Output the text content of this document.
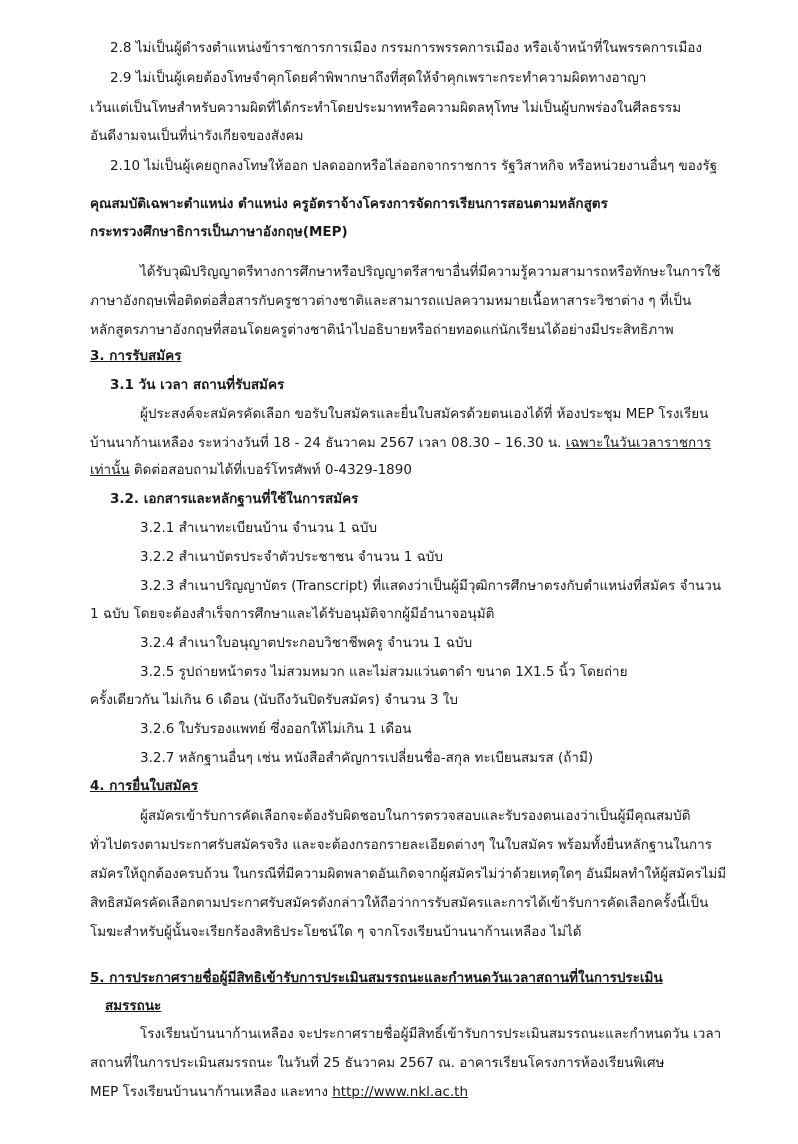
2.8 ไม่เป็นผู้ดำรงตำแหน่งข้าราชการการเมือง กรรมการพรรคการเมือง หรือเจ้าหน้าที่ในพรรคการเมือง
2.9 ไม่เป็นผู้เคยต้องโทษจำคุกโดยคำพิพากษาถึงที่สุดให้จำคุกเพราะกระทำความผิดทางอาญา
เว้นแต่เป็นโทษสำหรับความผิดที่ได้กระทำโดยประมาทหรือความผิดลหุโทษ ไม่เป็นผู้บกพร่องในศีลธรรม
อันดีงามจนเป็นที่น่ารังเกียจของสังคม
2.10 ไม่เป็นผู้เคยถูกลงโทษให้ออก ปลดออกหรือไล่ออกจากราชการ รัฐวิสาหกิจ หรือหน่วยงานอื่นๆ ของรัฐ
คุณสมบัติเฉพาะตำแหน่ง ตำแหน่ง ครูอัตราจ้างโครงการจัดการเรียนการสอนตามหลักสูตร
กระทรวงศึกษาธิการเป็นภาษาอังกฤษ(MEP)
ได้รับวุฒิปริญญาตรีทางการศึกษาหรือปริญญาตรีสาขาอื่นที่มีความรู้ความสามารถหรือทักษะในการใช้
ภาษาอังกฤษเพื่อติดต่อสื่อสารกับครูชาวต่างชาติและสามารถแปลความหมายเนื้อหาสาระวิชาต่าง ๆ ที่เป็น
หลักสูตรภาษาอังกฤษที่สอนโดยครูต่างชาตินำไปอธิบายหรือถ่ายทอดแก่นักเรียนได้อย่างมีประสิทธิภาพ
3. การรับสมัคร
3.1 วัน เวลา สถานที่รับสมัคร
ผู้ประสงค์จะสมัครคัดเลือก ขอรับใบสมัครและยื่นใบสมัครด้วยตนเองได้ที่ ห้องประชุม MEP โรงเรียน
บ้านนาก้านเหลือง ระหว่างวันที่ 18 - 24 ธันวาคม 2567 เวลา 08.30 – 16.30 น. เฉพาะในวันเวลาราชการ
เท่านั้น ติดต่อสอบถามได้ที่เบอร์โทรศัพท์ 0-4329-1890
3.2. เอกสารและหลักฐานที่ใช้ในการสมัคร
3.2.1 สำเนาทะเบียนบ้าน จำนวน 1 ฉบับ
3.2.2 สำเนาบัตรประจำตัวประชาชน จำนวน 1 ฉบับ
3.2.3 สำเนาปริญญาบัตร (Transcript) ที่แสดงว่าเป็นผู้มีวุฒิการศึกษาตรงกับตำแหน่งที่สมัคร จำนวน
1 ฉบับ โดยจะต้องสำเร็จการศึกษาและได้รับอนุมัติจากผู้มีอำนาจอนุมัติ
3.2.4 สำเนาใบอนุญาตประกอบวิชาชีพครู จำนวน 1 ฉบับ
3.2.5 รูปถ่ายหน้าตรง ไม่สวมหมวก และไม่สวมแว่นตาดำ ขนาด 1X1.5 นิ้ว โดยถ่าย
ครั้งเดียวกัน ไม่เกิน 6 เดือน (นับถึงวันปิดรับสมัคร) จำนวน 3 ใบ
3.2.6 ใบรับรองแพทย์ ซึ่งออกให้ไม่เกิน 1 เดือน
3.2.7 หลักฐานอื่นๆ เช่น หนังสือสำคัญการเปลี่ยนชื่อ-สกุล ทะเบียนสมรส (ถ้ามี)
4. การยื่นใบสมัคร
ผู้สมัครเข้ารับการคัดเลือกจะต้องรับผิดชอบในการตรวจสอบและรับรองตนเองว่าเป็นผู้มีคุณสมบัติ
ทั่วไปตรงตามประกาศรับสมัครจริง และจะต้องกรอกรายละเอียดต่างๆ ในใบสมัคร พร้อมทั้งยื่นหลักฐานในการ
สมัครให้ถูกต้องครบถ้วน ในกรณีที่มีความผิดพลาดอันเกิดจากผู้สมัครไม่ว่าด้วยเหตุใดๆ อันมีผลทำให้ผู้สมัครไม่มี
สิทธิสมัครคัดเลือกตามประกาศรับสมัครดังกล่าวให้ถือว่าการรับสมัครและการได้เข้ารับการคัดเลือกครั้งนี้เป็น
โมฆะสำหรับผู้นั้นจะเรียกร้องสิทธิประโยชน์ใด ๆ จากโรงเรียนบ้านนาก้านเหลือง ไม่ได้
5. การประกาศรายชื่อผู้มีสิทธิเข้ารับการประเมินสมรรถนะและกำหนดวันเวลาสถานที่ในการประเมิน
สมรรถนะ
โรงเรียนบ้านนาก้านเหลือง จะประกาศรายชื่อผู้มีสิทธิ์เข้ารับการประเมินสมรรถนะและกำหนดวัน เวลา
สถานที่ในการประเมินสมรรถนะ ในวันที่ 25 ธันวาคม 2567 ณ. อาคารเรียนโครงการห้องเรียนพิเศษ
MEP โรงเรียนบ้านนาก้านเหลือง และทาง http://www.nkl.ac.th
